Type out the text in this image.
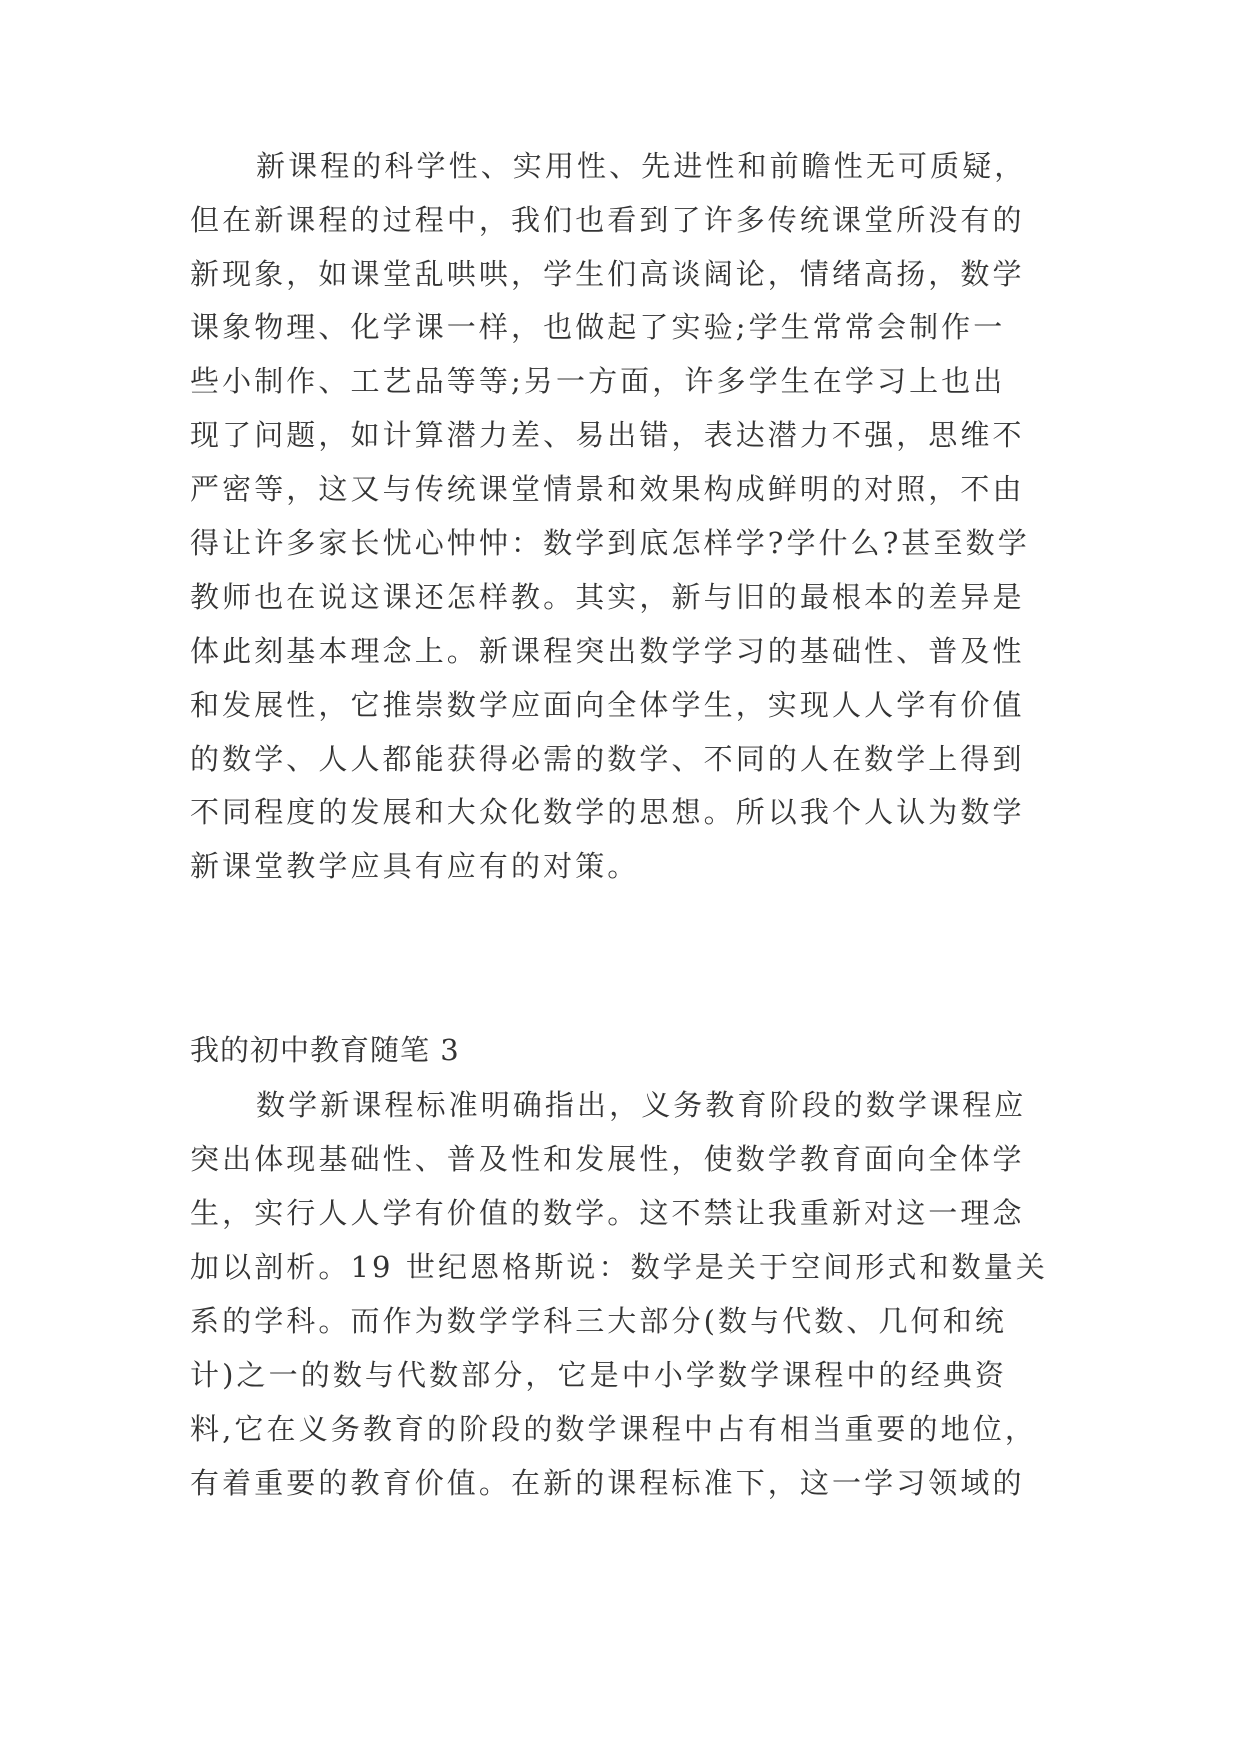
新课程的科学性、实用性、先进性和前瞻性无可质疑，

但在新课程的过程中，我们也看到了许多传统课堂所没有的

新现象，如课堂乱哄哄，学生们高谈阔论，情绪高扬，数学

课象物理、化学课一样，也做起了实验;学生常常会制作一

些小制作、工艺品等等;另一方面，许多学生在学习上也出

现了问题，如计算潜力差、易出错，表达潜力不强，思维不

严密等，这又与传统课堂情景和效果构成鲜明的对照，不由

得让许多家长忧心忡忡：数学到底怎样学?学什么?甚至数学

教师也在说这课还怎样教。其实，新与旧的最根本的差异是

体此刻基本理念上。新课程突出数学学习的基础性、普及性

和发展性，它推崇数学应面向全体学生，实现人人学有价值

的数学、人人都能获得必需的数学、不同的人在数学上得到

不同程度的发展和大众化数学的思想。所以我个人认为数学

新课堂教学应具有应有的对策。

我的初中教育随笔 3

数学新课程标准明确指出，义务教育阶段的数学课程应

突出体现基础性、普及性和发展性，使数学教育面向全体学

生，实行人人学有价值的数学。这不禁让我重新对这一理念

加以剖析。19 世纪恩格斯说：数学是关于空间形式和数量关

系的学科。而作为数学学科三大部分(数与代数、几何和统

计)之一的数与代数部分，它是中小学数学课程中的经典资

料,它在义务教育的阶段的数学课程中占有相当重要的地位，

有着重要的教育价值。在新的课程标准下，这一学习领域的
